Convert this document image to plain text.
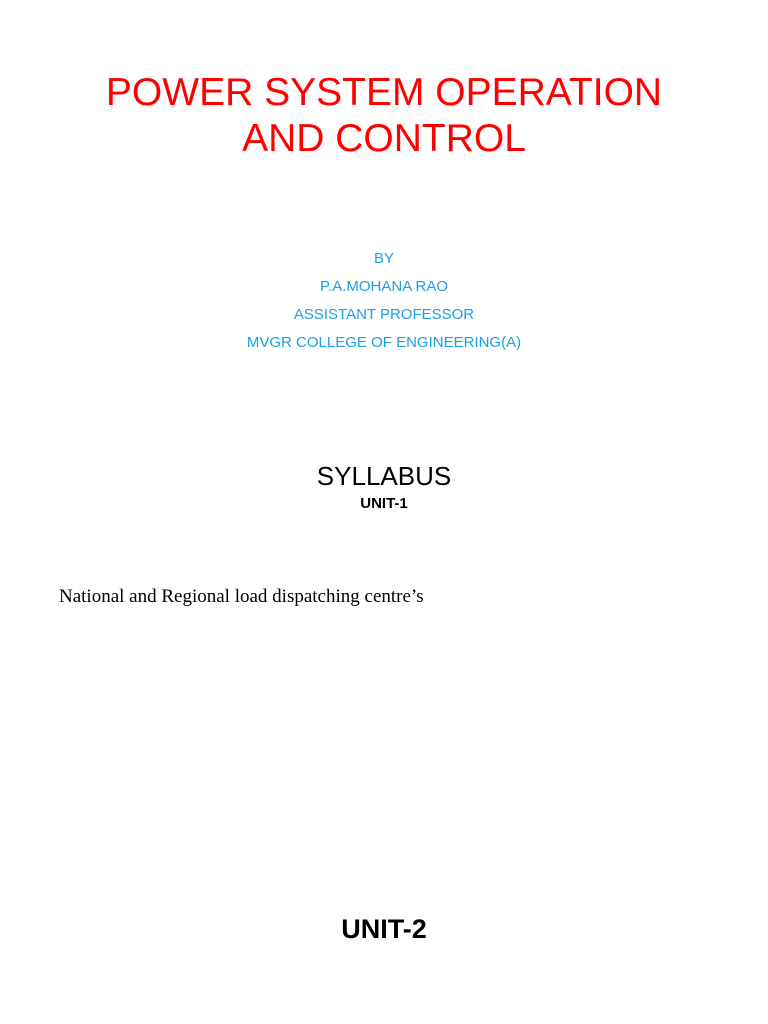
POWER SYSTEM OPERATION
AND CONTROL
BY
P.A.MOHANA RAO
ASSISTANT PROFESSOR
MVGR COLLEGE OF ENGINEERING(A)
SYLLABUS
UNIT-1

National and Regional load dispatching centre’s

UNIT-2
